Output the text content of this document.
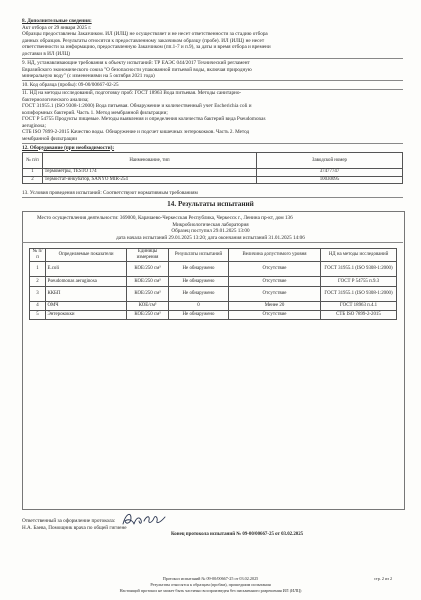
8. Дополнительные сведения:
Акт отбора от 29 января 2025 г.
Образцы предоставлены Заказчиком. ИЛ (ИЛЦ) не осуществляет и не несет ответственности за стадию отбора
данных образцов. Результаты относятся к предоставленному заказчиком образцу (пробе). ИЛ (ИЛЦ) не несет
ответственности за информацию, предоставленную Заказчиком (пп.1-7 и п.9), за даты и время отбора и времени
доставки в ИЛ (ИЛЦ)
9. НД, устанавливающие требования к объекту испытаний: ТР ЕАЭС 044/2017 Технический регламент
Евразийского экономического союза "О безопасности упакованной питьевой воды, включая природную
минеральную воду" (с изменениями на 5 октября 2021 года)
10. Код образца (пробы): 09-00/00667-02-25
11. НД на методы исследований, подготовку проб: ГОСТ 18963 Вода питьевая. Методы санитарно-
бактериологического анализа;
ГОСТ 31955.1 (ISO 9308-1:2000) Вода питьевая. Обнаружение и количественный учет Escherichia coli и
колиформных бактерий. Часть 1. Метод мембранной фильтрации;
ГОСТ Р 54755 Продукты пищевые. Методы выявления и определения количества бактерий вида Pseudomonas
aeruginosa;
СТБ ISO 7899-2-2015 Качество воды. Обнаружение и подсчет кишечных энтерококков. Часть 2. Метод
мембранной фильтрации
12. Оборудование (при необходимости):
№ п/п	Наименование, тип	Заводской номер
1	Термометры, TESTO 174	37477747
2	Термостат-инкубатор, SANYO MIR-254	10030095
13. Условия проведения испытаний: Соответствуют нормативным требованиям
14. Результаты испытаний
Место осуществления деятельности: 369000, Карачаево-Черкесская Республика, Черкесск г., Ленина пр-кт, дом 136
Микробиологическая лаборатория
Образец поступил 29.01.2025 13:00
дата начала испытаний 29.01.2025 13:20; дата окончания испытаний 31.01.2025 14:06
№ п/п	Определяемые показатели	Единицы измерения	Результаты испытаний	Величина допустимого уровня	НД на методы исследований
1	E.coli	КОЕ/250 см³	Не обнаружено	Отсутствие	ГОСТ 31955.1 (ISO 9308-1:2000)
2	Pseudomonas aeruginosa	КОЕ/250 см³	Не обнаружено	Отсутствие	ГОСТ Р 54755 п.9.3
3	ККБП	КОЕ/250 см³	Не обнаружено	Отсутствие	ГОСТ 31955.1 (ISO 9308-1:2000)
4	ОМЧ	КОЕ/см³	0	Менее 20	ГОСТ 18963 п.4.1
5	Энтерококки	КОЕ/250 см³	Не обнаружено	Отсутствие	СТБ ISO 7899-2-2015
Ответственный за оформление протокола:
Н.А. Баева, Помощник врача по общей гигиене
Конец протокола испытаний № 09-00/00667-25 от 03.02.2025
Протокол испытаний № 09-00/00667-25 от 03.02.2025
Результаты относятся к образцам (пробам), прошедшим испытания
Настоящий протокол не может быть частично воспроизведен без письменного разрешения ИЛ (ИЛЦ)
стр. 2 из 2
